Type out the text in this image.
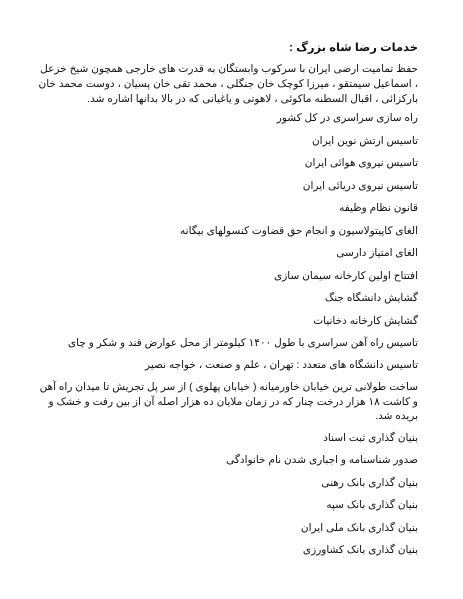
خدمات رضا شاه بزرگ :
حفظ تمامیت ارضی ایران با سرکوب وابستگان به قدرت های خارجی همچون شیخ خزعل ، اسماعیل سیمتقو ، میرزا کوچک خان جنگلی ، محمد تقی خان پسیان ، دوست محمد خان بارکزائی ، اقبال السطنه ماکوئی ، لاهوتی و یاغیانی که در بالا بدانها اشاره شد.
راه سازی سراسری در کل کشور
تاسیس ارتش نوین ایران
تاسیس نیروی هوائی ایران
تاسیس نیروی دریائی ایران
قانون نظام وظیفه
الغای کاپیتولاسیون و انجام حق قضاوت کنسولهای بیگانه
الغای امتیاز دارسی
افتتاح اولین کارخانه سیمان سازی
گشایش دانشگاه جنگ
گشایش کارخانه دخانیات
تاسیس راه آهن سراسری با طول ۱۴۰۰ کیلومتر از محل عوارض قند و شکر و چای
تاسیس دانشگاه های متعدد : تهران ، علم و صنعت ، خواجه نصیر
ساخت طولانی ترین خیابان خاورمیانه ( خیابان پهلوی ) از سر پل تجریش تا میدان راه آهن و کاشت ۱۸ هزار درخت چنار که در زمان ملایان ده هزار اصله آن از بین رفت و خشک و بریده شد.
بنیان گذاری ثبت اسناد
صدور شناسنامه و اجباری شدن نام خانوادگی
بنیان گذاری بانک رهنی
بنیان گذاری بانک سپه
بنیان گذاری بانک ملی ایران
بنیان گذاری بانک کشاورزی
